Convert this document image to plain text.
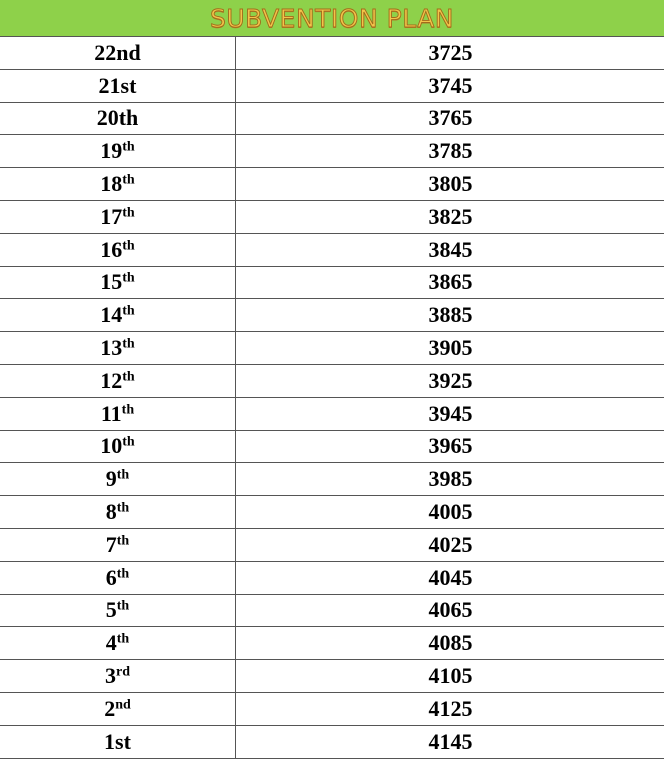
SUBVENTION PLAN
22nd	3725
21st	3745
20th	3765
19th	3785
18th	3805
17th	3825
16th	3845
15th	3865
14th	3885
13th	3905
12th	3925
11th	3945
10th	3965
9th	3985
8th	4005
7th	4025
6th	4045
5th	4065
4th	4085
3rd	4105
2nd	4125
1st	4145
